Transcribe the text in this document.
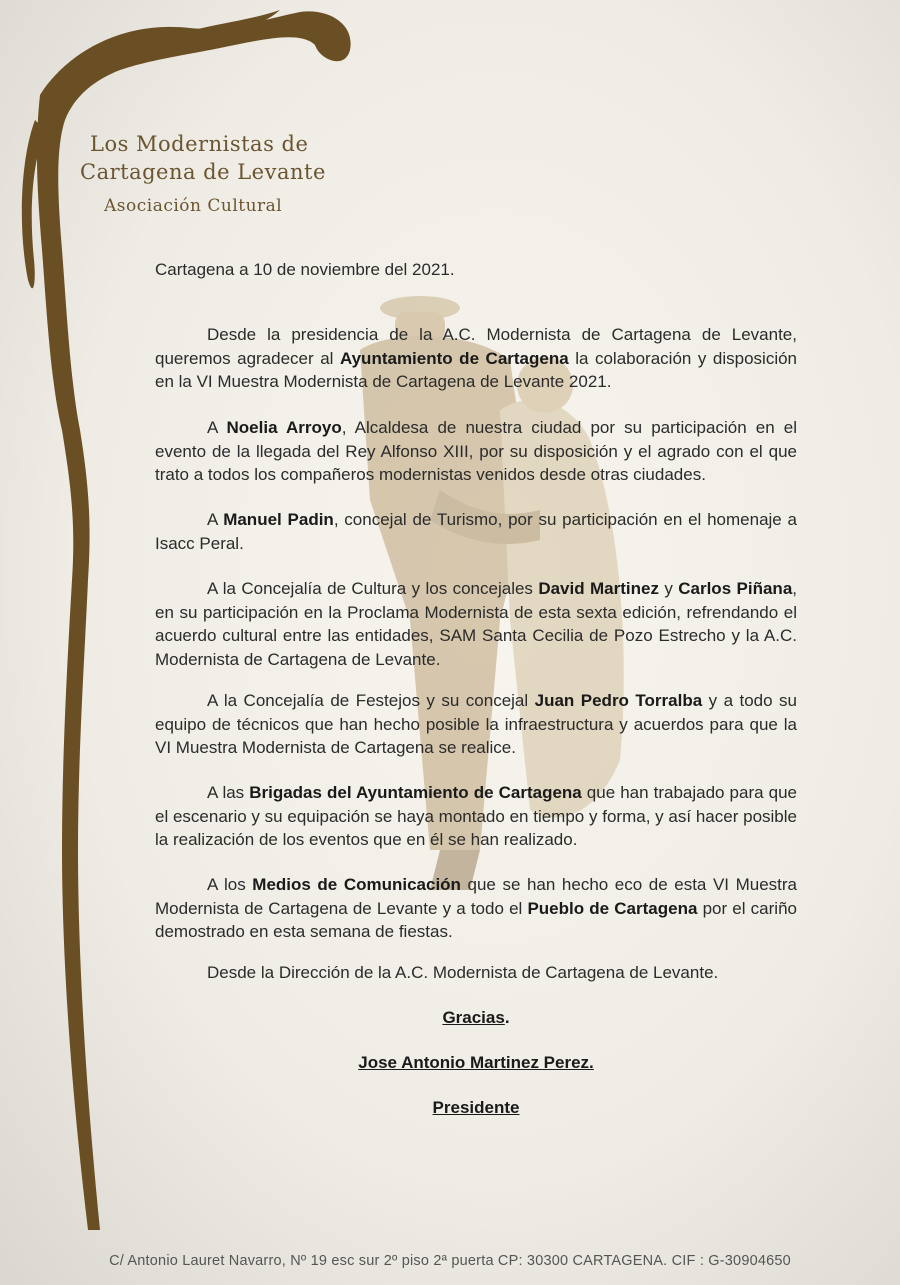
Los Modernistas de
Cartagena de Levante
Asociación Cultural
Cartagena a 10 de noviembre del 2021.
Desde la presidencia de la A.C. Modernista de Cartagena de Levante, queremos agradecer al Ayuntamiento de Cartagena la colaboración y disposición en la VI Muestra Modernista de Cartagena de Levante 2021.
A Noelia Arroyo, Alcaldesa de nuestra ciudad por su participación en el evento de la llegada del Rey Alfonso XIII, por su disposición y el agrado con el que trato a todos los compañeros modernistas venidos desde otras ciudades.
A Manuel Padin, concejal de Turismo, por su participación en el homenaje a Isacc Peral.
A la Concejalía de Cultura y los concejales David Martinez y Carlos Piñana, en su participación en la Proclama Modernista de esta sexta edición, refrendando el acuerdo cultural entre las entidades, SAM Santa Cecilia de Pozo Estrecho y la A.C. Modernista de Cartagena de Levante.
A la Concejalía de Festejos y su concejal Juan Pedro Torralba y a todo su equipo de técnicos que han hecho posible la infraestructura y acuerdos para que la VI Muestra Modernista de Cartagena se realice.
A las Brigadas del Ayuntamiento de Cartagena que han trabajado para que el escenario y su equipación se haya montado en tiempo y forma, y así hacer posible la realización de los eventos que en él se han realizado.
A los Medios de Comunicación que se han hecho eco de esta VI Muestra Modernista de Cartagena de Levante y a todo el Pueblo de Cartagena por el cariño demostrado en esta semana de fiestas.
Desde la Dirección de la A.C. Modernista de Cartagena de Levante.
Gracias.
Jose Antonio Martinez Perez.
Presidente
C/ Antonio Lauret Navarro, Nº 19 esc sur 2º piso 2ª puerta CP: 30300 CARTAGENA. CIF : G-30904650
